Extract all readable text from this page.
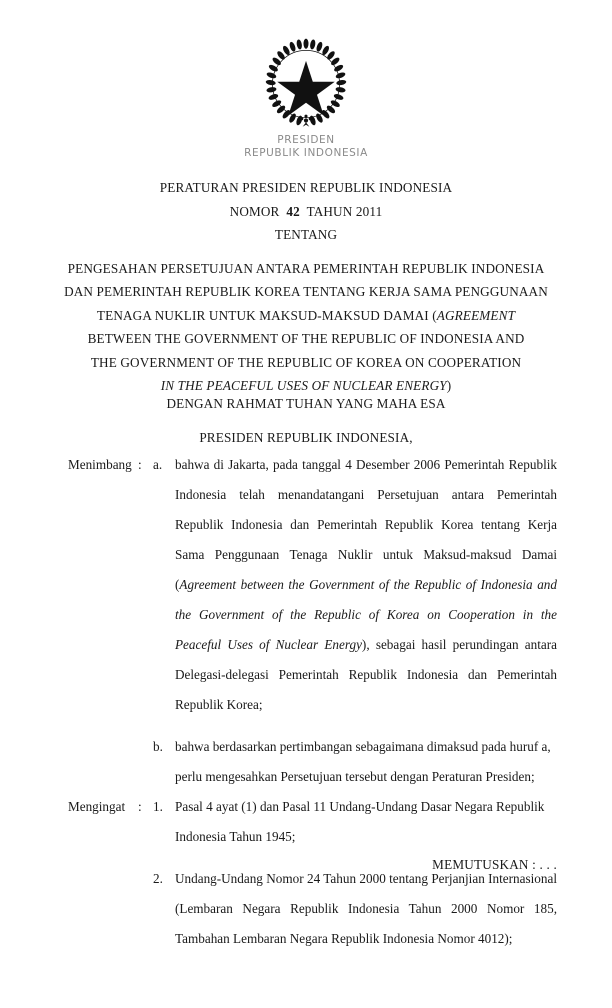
PRESIDEN
REPUBLIK INDONESIA
PERATURAN PRESIDEN REPUBLIK INDONESIA
NOMOR 42 TAHUN 2011
TENTANG
PENGESAHAN PERSETUJUAN ANTARA PEMERINTAH REPUBLIK INDONESIA
DAN PEMERINTAH REPUBLIK KOREA TENTANG KERJA SAMA PENGGUNAAN
TENAGA NUKLIR UNTUK MAKSUD-MAKSUD DAMAI (AGREEMENT
BETWEEN THE GOVERNMENT OF THE REPUBLIC OF INDONESIA AND
THE GOVERNMENT OF THE REPUBLIC OF KOREA ON COOPERATION
IN THE PEACEFUL USES OF NUCLEAR ENERGY)
DENGAN RAHMAT TUHAN YANG MAHA ESA
PRESIDEN REPUBLIK INDONESIA,
Menimbang : a. bahwa di Jakarta, pada tanggal 4 Desember 2006 Pemerintah Republik Indonesia telah menandatangani Persetujuan antara Pemerintah Republik Indonesia dan Pemerintah Republik Korea tentang Kerja Sama Penggunaan Tenaga Nuklir untuk Maksud-maksud Damai (Agreement between the Government of the Republic of Indonesia and the Government of the Republic of Korea on Cooperation in the Peaceful Uses of Nuclear Energy), sebagai hasil perundingan antara Delegasi-delegasi Pemerintah Republik Indonesia dan Pemerintah Republik Korea;
b. bahwa berdasarkan pertimbangan sebagaimana dimaksud pada huruf a, perlu mengesahkan Persetujuan tersebut dengan Peraturan Presiden;
Mengingat : 1. Pasal 4 ayat (1) dan Pasal 11 Undang-Undang Dasar Negara Republik Indonesia Tahun 1945;
2. Undang-Undang Nomor 24 Tahun 2000 tentang Perjanjian Internasional (Lembaran Negara Republik Indonesia Tahun 2000 Nomor 185, Tambahan Lembaran Negara Republik Indonesia Nomor 4012);
MEMUTUSKAN : . . .
